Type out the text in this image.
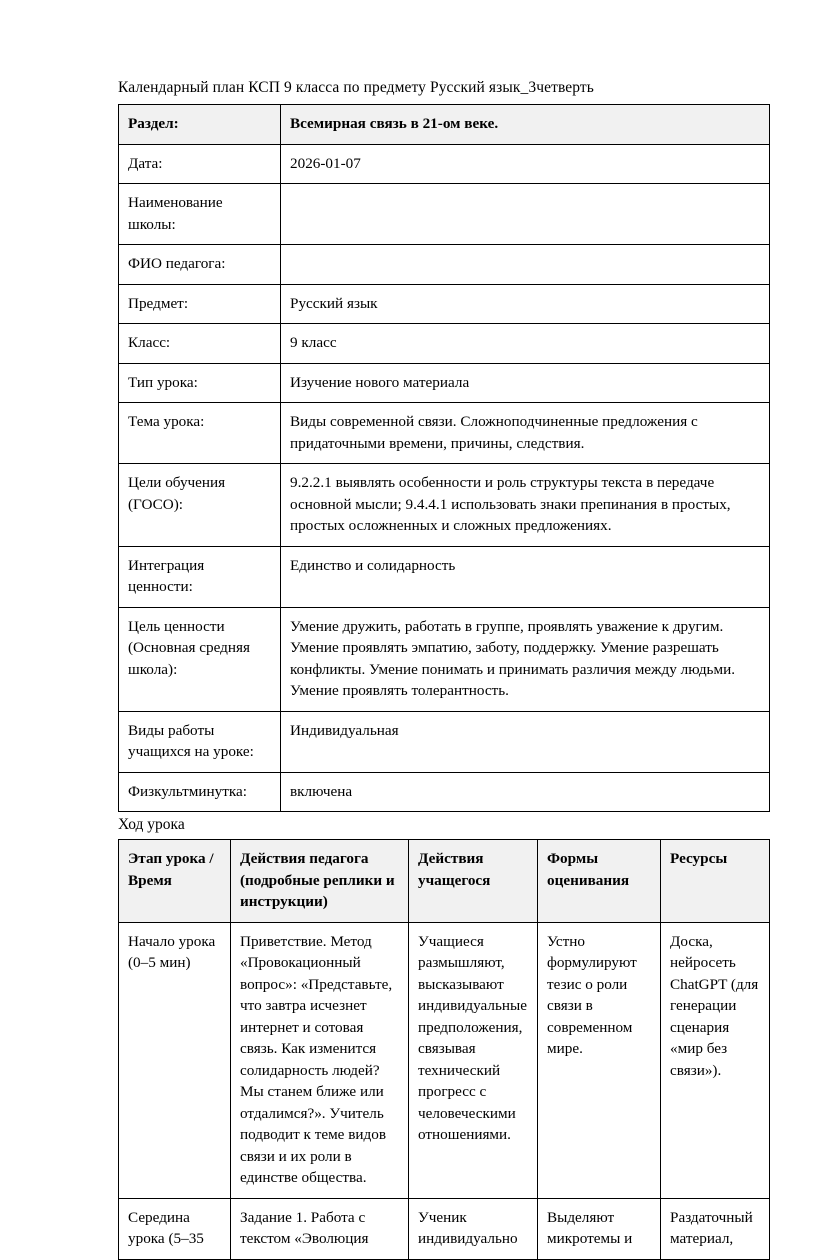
Календарный план КСП 9 класса по предмету Русский язык_3четверть
Раздел:	Всемирная связь в 21-ом веке.
Дата:	2026-01-07
Наименование школы:	
ФИО педагога:	
Предмет:	Русский язык
Класс:	9 класс
Тип урока:	Изучение нового материала
Тема урока:	Виды современной связи. Сложноподчиненные предложения с придаточными времени, причины, следствия.
Цели обучения (ГОСО):	9.2.2.1 выявлять особенности и роль структуры текста в передаче основной мысли; 9.4.4.1 использовать знаки препинания в простых, простых осложненных и сложных предложениях.
Интеграция ценности:	Единство и солидарность
Цель ценности (Основная средняя школа):	Умение дружить, работать в группе, проявлять уважение к другим. Умение проявлять эмпатию, заботу, поддержку. Умение разрешать конфликты. Умение понимать и принимать различия между людьми. Умение проявлять толерантность.
Виды работы учащихся на уроке:	Индивидуальная
Физкультминутка:	включена
Ход урока
Этап урока / Время	Действия педагога (подробные реплики и инструкции)	Действия учащегося	Формы оценивания	Ресурсы
Начало урока (0–5 мин)	Приветствие. Метод «Провокационный вопрос»: «Представьте, что завтра исчезнет интернет и сотовая связь. Как изменится солидарность людей? Мы станем ближе или отдалимся?». Учитель подводит к теме видов связи и их роли в единстве общества.	Учащиеся размышляют, высказывают индивидуальные предположения, связывая технический прогресс с человеческими отношениями.	Устно формулируют тезис о роли связи в современном мире.	Доска, нейросеть ChatGPT (для генерации сценария «мир без связи»).
Середина урока (5–35	Задание 1. Работа с текстом «Эволюция	Ученик индивидуально	Выделяют микротемы и	Раздаточный материал,
